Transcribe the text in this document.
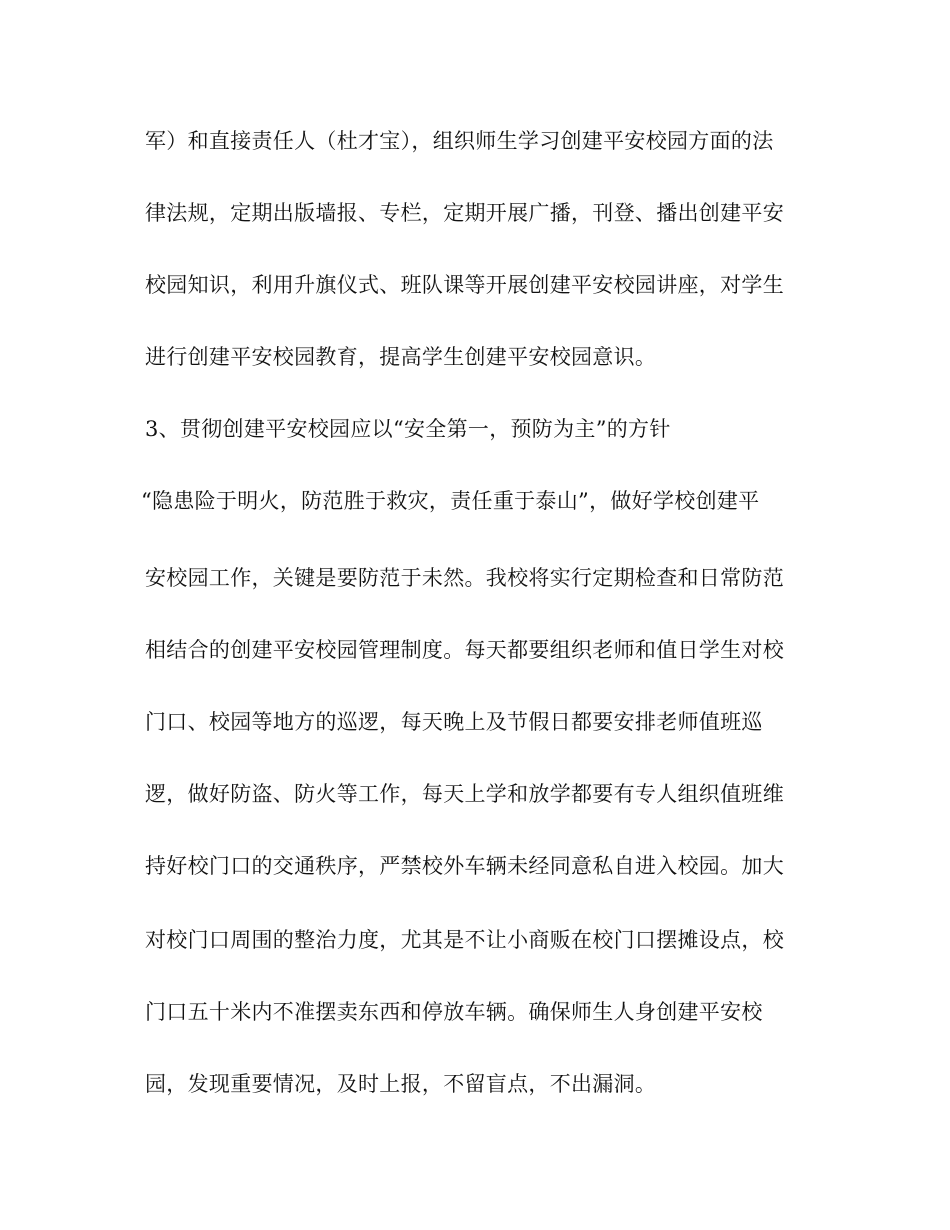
军）和直接责任人（杜才宝），组织师生学习创建平安校园方面的法
律法规，定期出版墙报、专栏，定期开展广播，刊登、播出创建平安
校园知识，利用升旗仪式、班队课等开展创建平安校园讲座，对学生
进行创建平安校园教育，提高学生创建平安校园意识。
3、贯彻创建平安校园应以“安全第一，预防为主”的方针
“隐患险于明火，防范胜于救灾，责任重于泰山”，做好学校创建平
安校园工作，关键是要防范于未然。我校将实行定期检查和日常防范
相结合的创建平安校园管理制度。每天都要组织老师和值日学生对校
门口、校园等地方的巡逻，每天晚上及节假日都要安排老师值班巡
逻，做好防盗、防火等工作，每天上学和放学都要有专人组织值班维
持好校门口的交通秩序，严禁校外车辆未经同意私自进入校园。加大
对校门口周围的整治力度，尤其是不让小商贩在校门口摆摊设点，校
门口五十米内不准摆卖东西和停放车辆。确保师生人身创建平安校
园，发现重要情况，及时上报，不留盲点，不出漏洞。
